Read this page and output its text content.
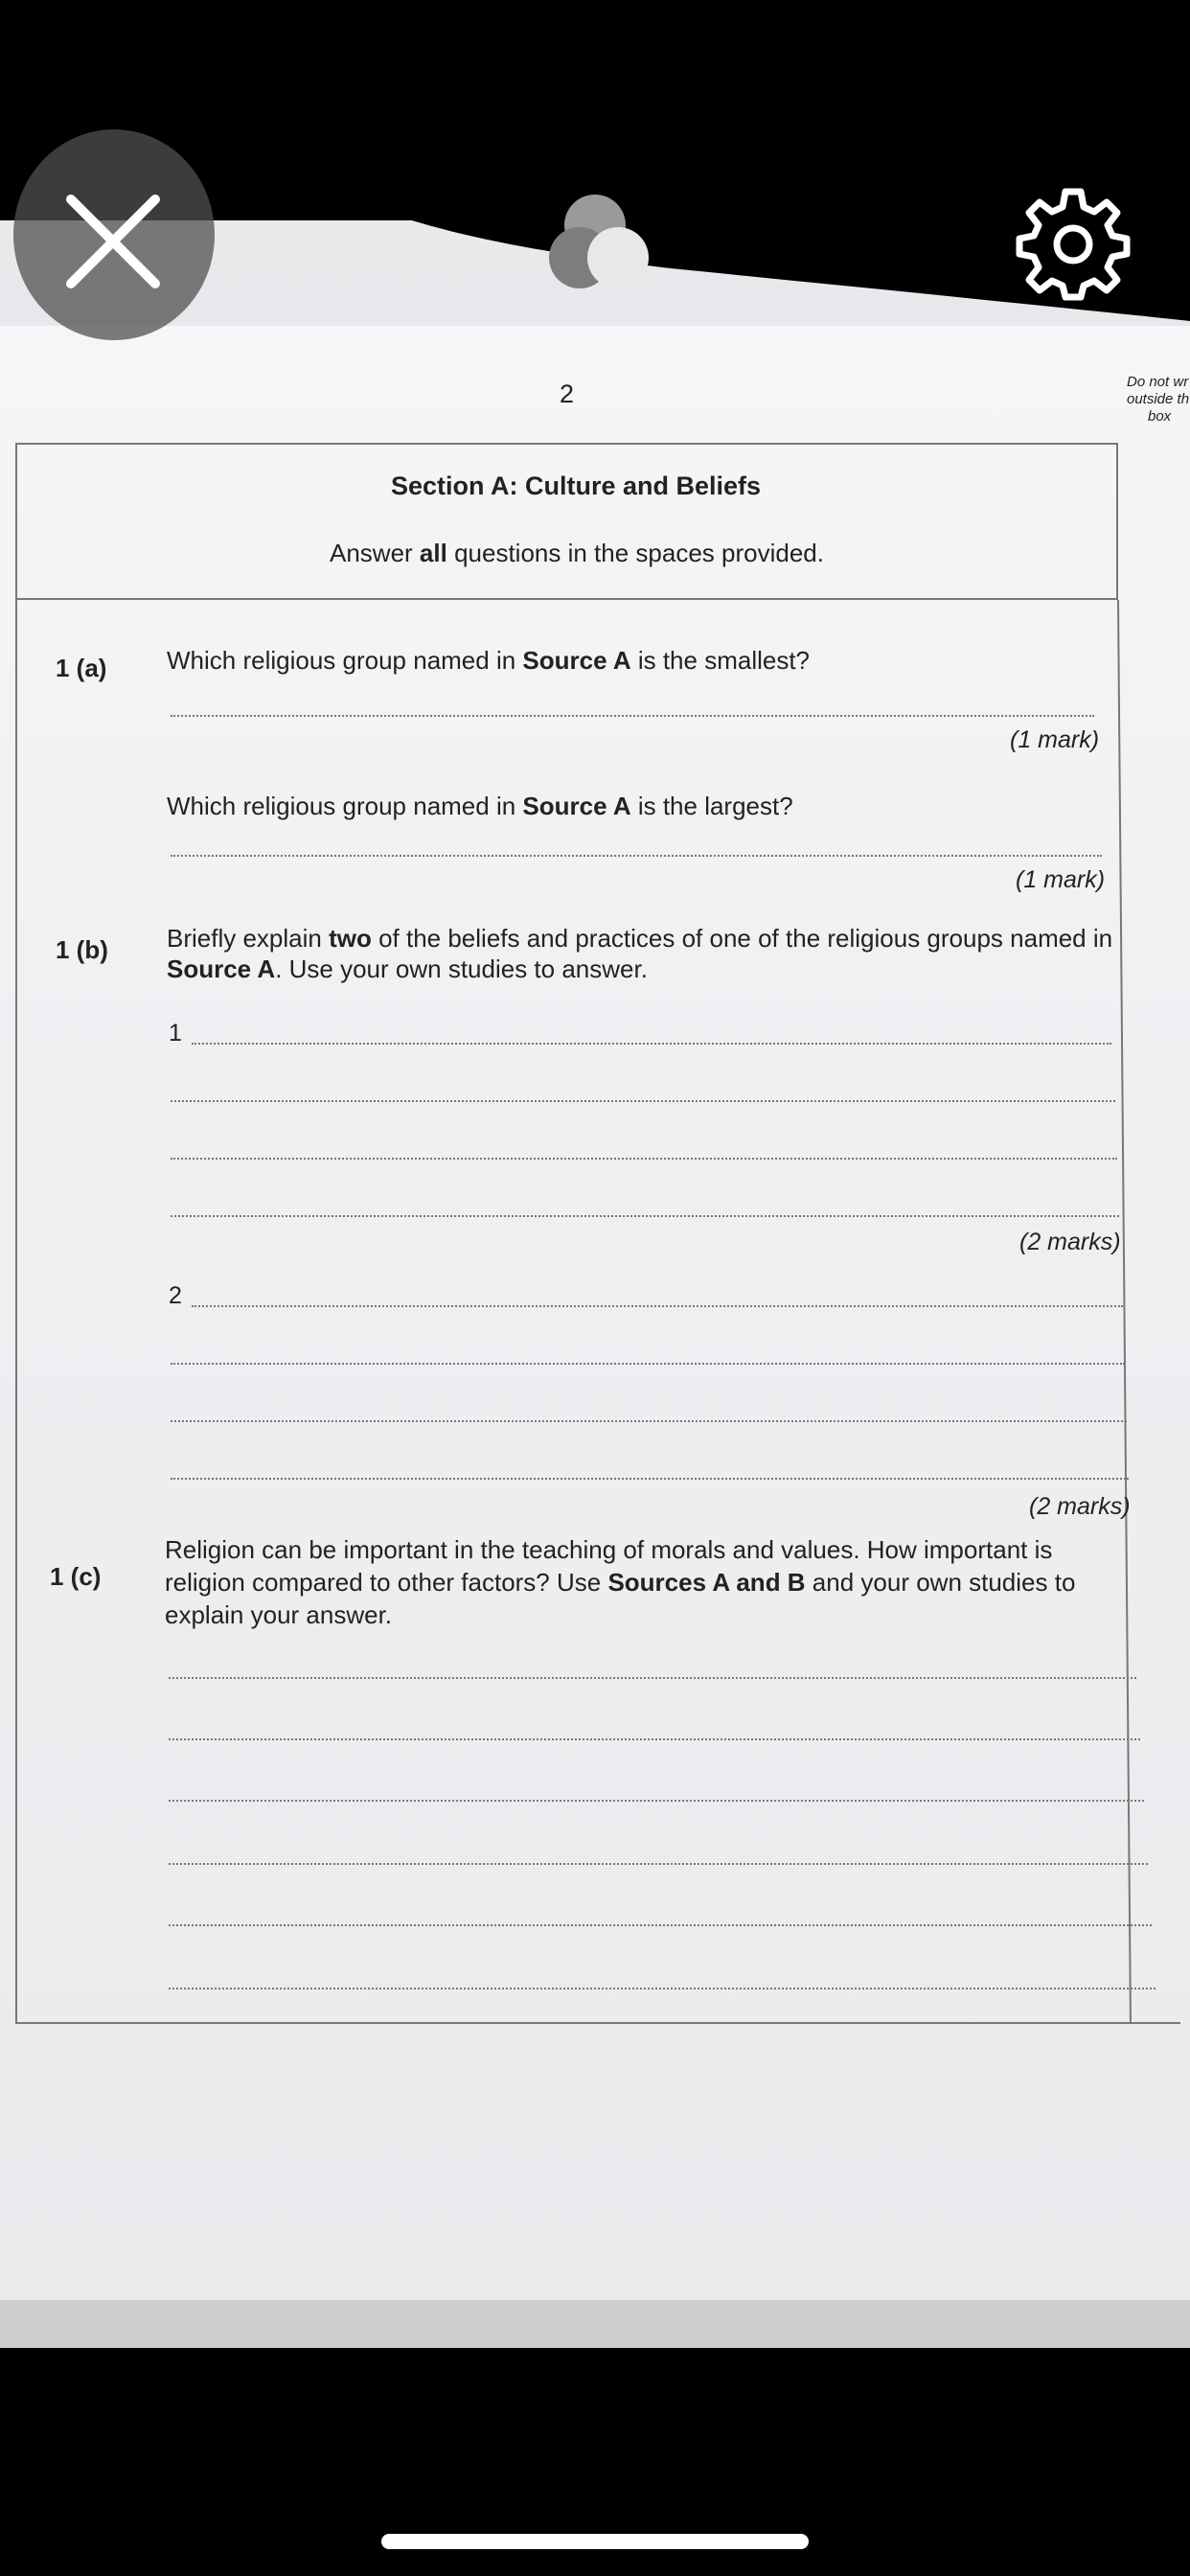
2	Do not wr
outside th
box
Section A: Culture and Beliefs
Answer all questions in the spaces provided.
1 (a) Which religious group named in Source A is the smallest?
(1 mark)
Which religious group named in Source A is the largest?
(1 mark)
1 (b) Briefly explain two of the beliefs and practices of one of the religious groups named in
Source A. Use your own studies to answer.
1
(2 marks)
2
(2 marks)
1 (c)
Religion can be important in the teaching of morals and values. How important is
religion compared to other factors? Use Sources A and B and your own studies to
explain your answer.
